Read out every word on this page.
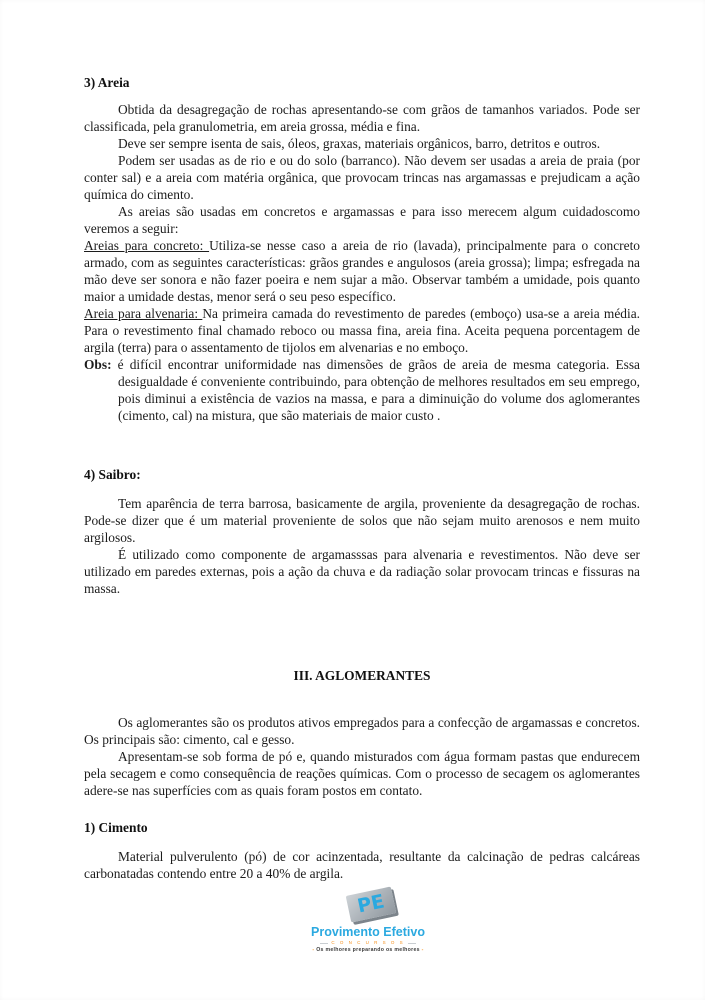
3) Areia

Obtida da desagregação de rochas apresentando-se com grãos de tamanhos variados. Pode ser classificada, pela granulometria, em areia grossa, média e fina.

Deve ser sempre isenta de sais, óleos, graxas, materiais orgânicos, barro, detritos e outros.

Podem ser usadas as de rio e ou do solo (barranco). Não devem ser usadas a areia de praia (por conter sal) e a areia com matéria orgânica, que provocam trincas nas argamassas e prejudicam a ação química do cimento.

As areias são usadas em concretos e argamassas e para isso merecem algum cuidadoscomo veremos a seguir:

Areias para concreto: Utiliza-se nesse caso a areia de rio (lavada), principalmente para o concreto armado, com as seguintes características: grãos grandes e angulosos (areia grossa); limpa; esfregada na mão deve ser sonora e não fazer poeira e nem sujar a mão. Observar também a umidade, pois quanto maior a umidade destas, menor será o seu peso específico.

Areia para alvenaria: Na primeira camada do revestimento de paredes (emboço) usa-se a areia média. Para o revestimento final chamado reboco ou massa fina, areia fina. Aceita pequena porcentagem de argila (terra) para o assentamento de tijolos em alvenarias e no emboço.

Obs: é difícil encontrar uniformidade nas dimensões de grãos de areia de mesma categoria. Essa desigualdade é conveniente contribuindo, para obtenção de melhores resultados em seu emprego, pois diminui a existência de vazios na massa, e para a diminuição do volume dos aglomerantes (cimento, cal) na mistura, que são materiais de maior custo .

4) Saibro:

Tem aparência de terra barrosa, basicamente de argila, proveniente da desagregação de rochas. Pode-se dizer que é um material proveniente de solos que não sejam muito arenosos e nem muito argilosos.

É utilizado como componente de argamasssas para alvenaria e revestimentos. Não deve ser utilizado em paredes externas, pois a ação da chuva e da radiação solar provocam trincas e fissuras na massa.

III. AGLOMERANTES

Os aglomerantes são os produtos ativos empregados para a confecção de argamassas e concretos. Os principais são: cimento, cal e gesso.

Apresentam-se sob forma de pó e, quando misturados com água formam pastas que endurecem pela secagem e como consequência de reações químicas. Com o processo de secagem os aglomerantes adere-se nas superfícies com as quais foram postos em contato.

1) Cimento

Material pulverulento (pó) de cor acinzentada, resultante da calcinação de pedras calcáreas carbonatadas contendo entre 20 a 40% de argila.

PE
Provimento Efetivo
C O N C U R S O S
- Os melhores preparando os melhores -
